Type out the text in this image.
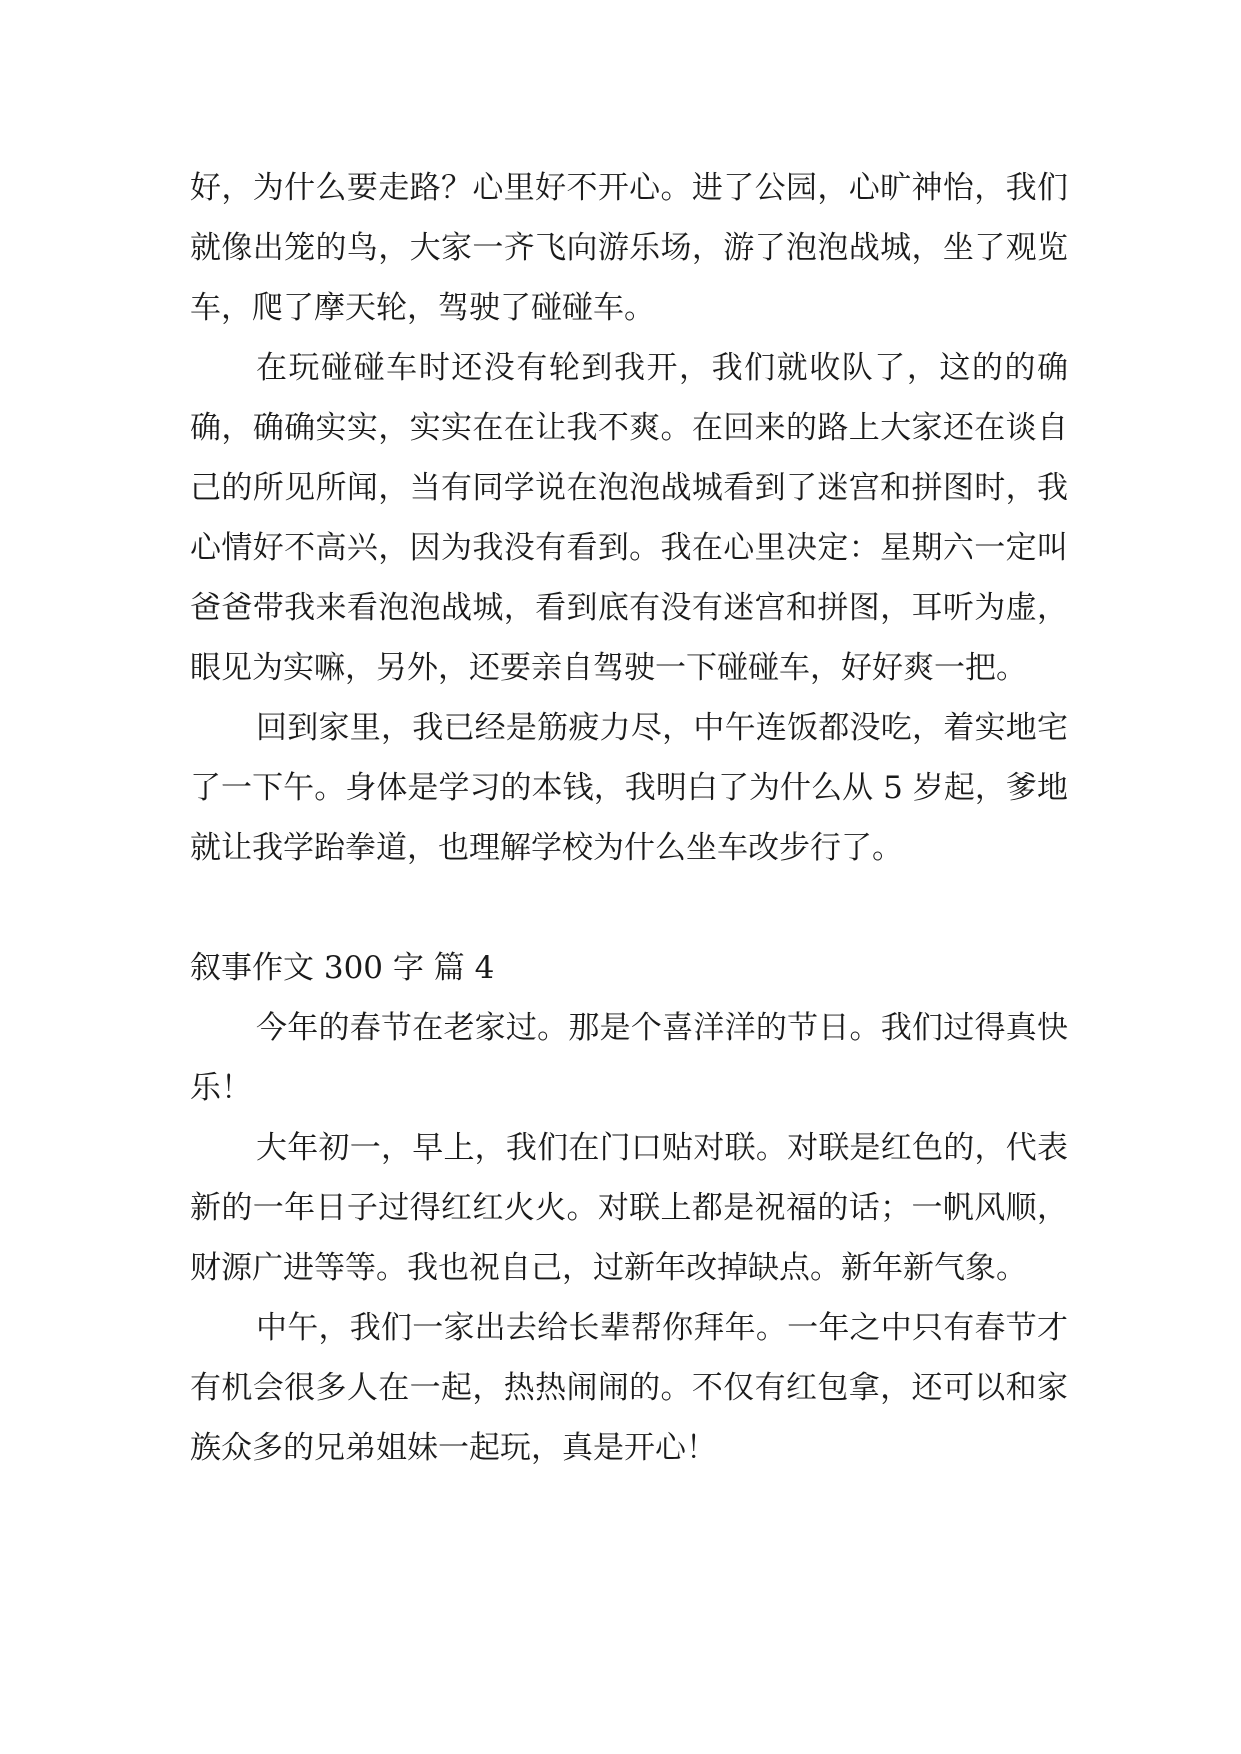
好，为什么要走路？心里好不开心。进了公园，心旷神怡，我们就像出笼的鸟，大家一齐飞向游乐场，游了泡泡战城，坐了观览车，爬了摩天轮，驾驶了碰碰车。

在玩碰碰车时还没有轮到我开，我们就收队了，这的的确确，确确实实，实实在在让我不爽。在回来的路上大家还在谈自己的所见所闻，当有同学说在泡泡战城看到了迷宫和拼图时，我心情好不高兴，因为我没有看到。我在心里决定：星期六一定叫爸爸带我来看泡泡战城，看到底有没有迷宫和拼图，耳听为虚，眼见为实嘛，另外，还要亲自驾驶一下碰碰车，好好爽一把。

回到家里，我已经是筋疲力尽，中午连饭都没吃，着实地宅了一下午。身体是学习的本钱，我明白了为什么从 5 岁起，爹地就让我学跆拳道，也理解学校为什么坐车改步行了。

叙事作文 300 字 篇 4

今年的春节在老家过。那是个喜洋洋的节日。我们过得真快乐！

大年初一，早上，我们在门口贴对联。对联是红色的，代表新的一年日子过得红红火火。对联上都是祝福的话；一帆风顺，财源广进等等。我也祝自己，过新年改掉缺点。新年新气象。

中午，我们一家出去给长辈帮你拜年。一年之中只有春节才有机会很多人在一起，热热闹闹的。不仅有红包拿，还可以和家族众多的兄弟姐妹一起玩，真是开心！
